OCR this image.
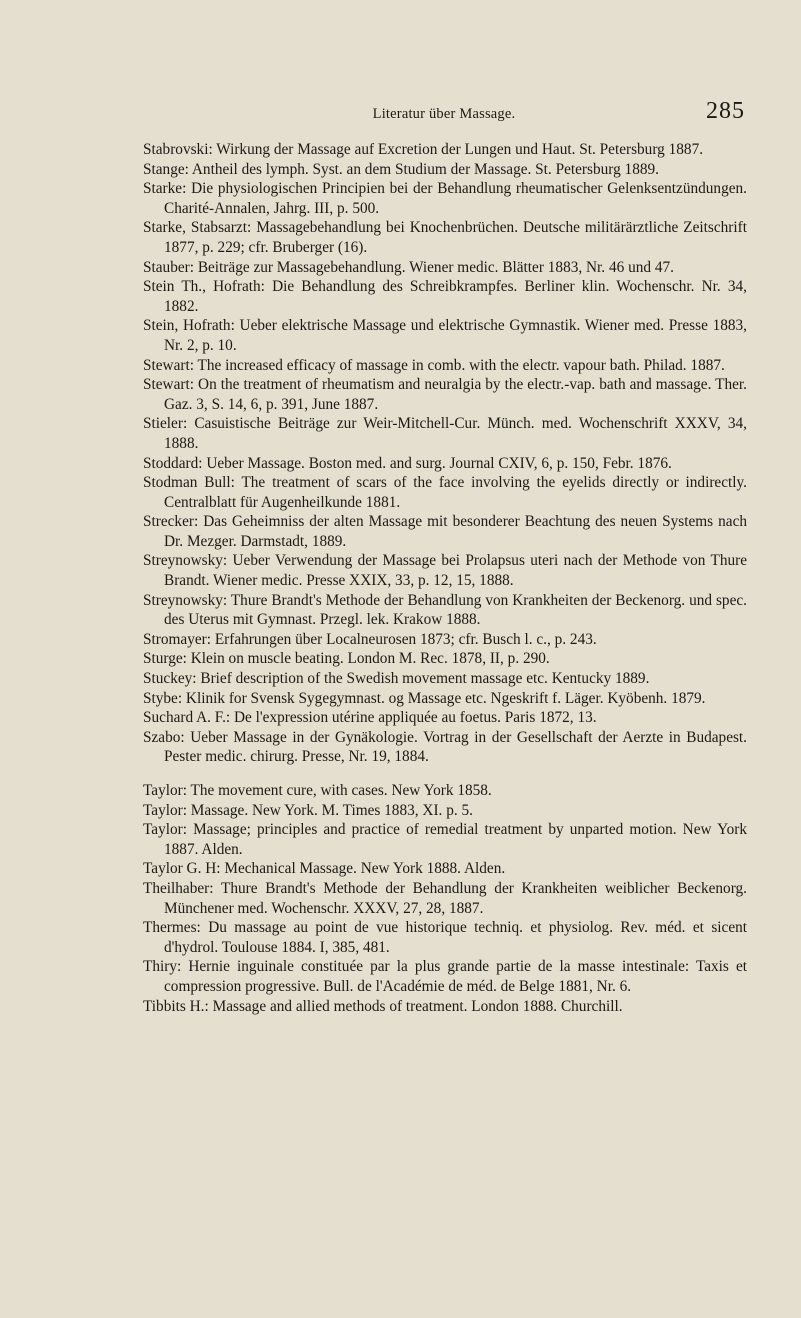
Literatur über Massage.	285

Stabrovski: Wirkung der Massage auf Excretion der Lungen und Haut. St. Petersburg 1887.

Stange: Antheil des lymph. Syst. an dem Studium der Massage. St. Petersburg 1889.

Starke: Die physiologischen Principien bei der Behandlung rheumatischer Gelenksentzündungen. Charité-Annalen, Jahrg. III, p. 500.

Starke, Stabsarzt: Massagebehandlung bei Knochenbrüchen. Deutsche militärärztliche Zeitschrift 1877, p. 229; cfr. Bruberger (16).

Stauber: Beiträge zur Massagebehandlung. Wiener medic. Blätter 1883, Nr. 46 und 47.

Stein Th., Hofrath: Die Behandlung des Schreibkrampfes. Berliner klin. Wochenschr. Nr. 34, 1882.

Stein, Hofrath: Ueber elektrische Massage und elektrische Gymnastik. Wiener med. Presse 1883, Nr. 2, p. 10.

Stewart: The increased efficacy of massage in comb. with the electr. vapour bath. Philad. 1887.

Stewart: On the treatment of rheumatism and neuralgia by the electr.-vap. bath and massage. Ther. Gaz. 3, S. 14, 6, p. 391, June 1887.

Stieler: Casuistische Beiträge zur Weir-Mitchell-Cur. Münch. med. Wochenschrift XXXV, 34, 1888.

Stoddard: Ueber Massage. Boston med. and surg. Journal CXIV, 6, p. 150, Febr. 1876.

Stodman Bull: The treatment of scars of the face involving the eyelids directly or indirectly. Centralblatt für Augenheilkunde 1881.

Strecker: Das Geheimniss der alten Massage mit besonderer Beachtung des neuen Systems nach Dr. Mezger. Darmstadt, 1889.

Streynowsky: Ueber Verwendung der Massage bei Prolapsus uteri nach der Methode von Thure Brandt. Wiener medic. Presse XXIX, 33, p. 12, 15, 1888.

Streynowsky: Thure Brandt's Methode der Behandlung von Krankheiten der Beckenorg. und spec. des Uterus mit Gymnast. Przegl. lek. Krakow 1888.

Stromayer: Erfahrungen über Localneurosen 1873; cfr. Busch l. c., p. 243.

Sturge: Klein on muscle beating. London M. Rec. 1878, II, p. 290.

Stuckey: Brief description of the Swedish movement massage etc. Kentucky 1889.

Stybe: Klinik for Svensk Sygegymnast. og Massage etc. Ngeskrift f. Läger. Kyöbenh. 1879.

Suchard A. F.: De l'expression utérine appliquée au foetus. Paris 1872, 13.

Szabo: Ueber Massage in der Gynäkologie. Vortrag in der Gesellschaft der Aerzte in Budapest. Pester medic. chirurg. Presse, Nr. 19, 1884.

Taylor: The movement cure, with cases. New York 1858.

Taylor: Massage. New York. M. Times 1883, XI. p. 5.

Taylor: Massage; principles and practice of remedial treatment by unparted motion. New York 1887. Alden.

Taylor G. H: Mechanical Massage. New York 1888. Alden.

Theilhaber: Thure Brandt's Methode der Behandlung der Krankheiten weiblicher Beckenorg. Münchener med. Wochenschr. XXXV, 27, 28, 1887.

Thermes: Du massage au point de vue historique techniq. et physiolog. Rev. méd. et sicent d'hydrol. Toulouse 1884. I, 385, 481.

Thiry: Hernie inguinale constituée par la plus grande partie de la masse intestinale: Taxis et compression progressive. Bull. de l'Académie de méd. de Belge 1881, Nr. 6.

Tibbits H.: Massage and allied methods of treatment. London 1888. Churchill.
